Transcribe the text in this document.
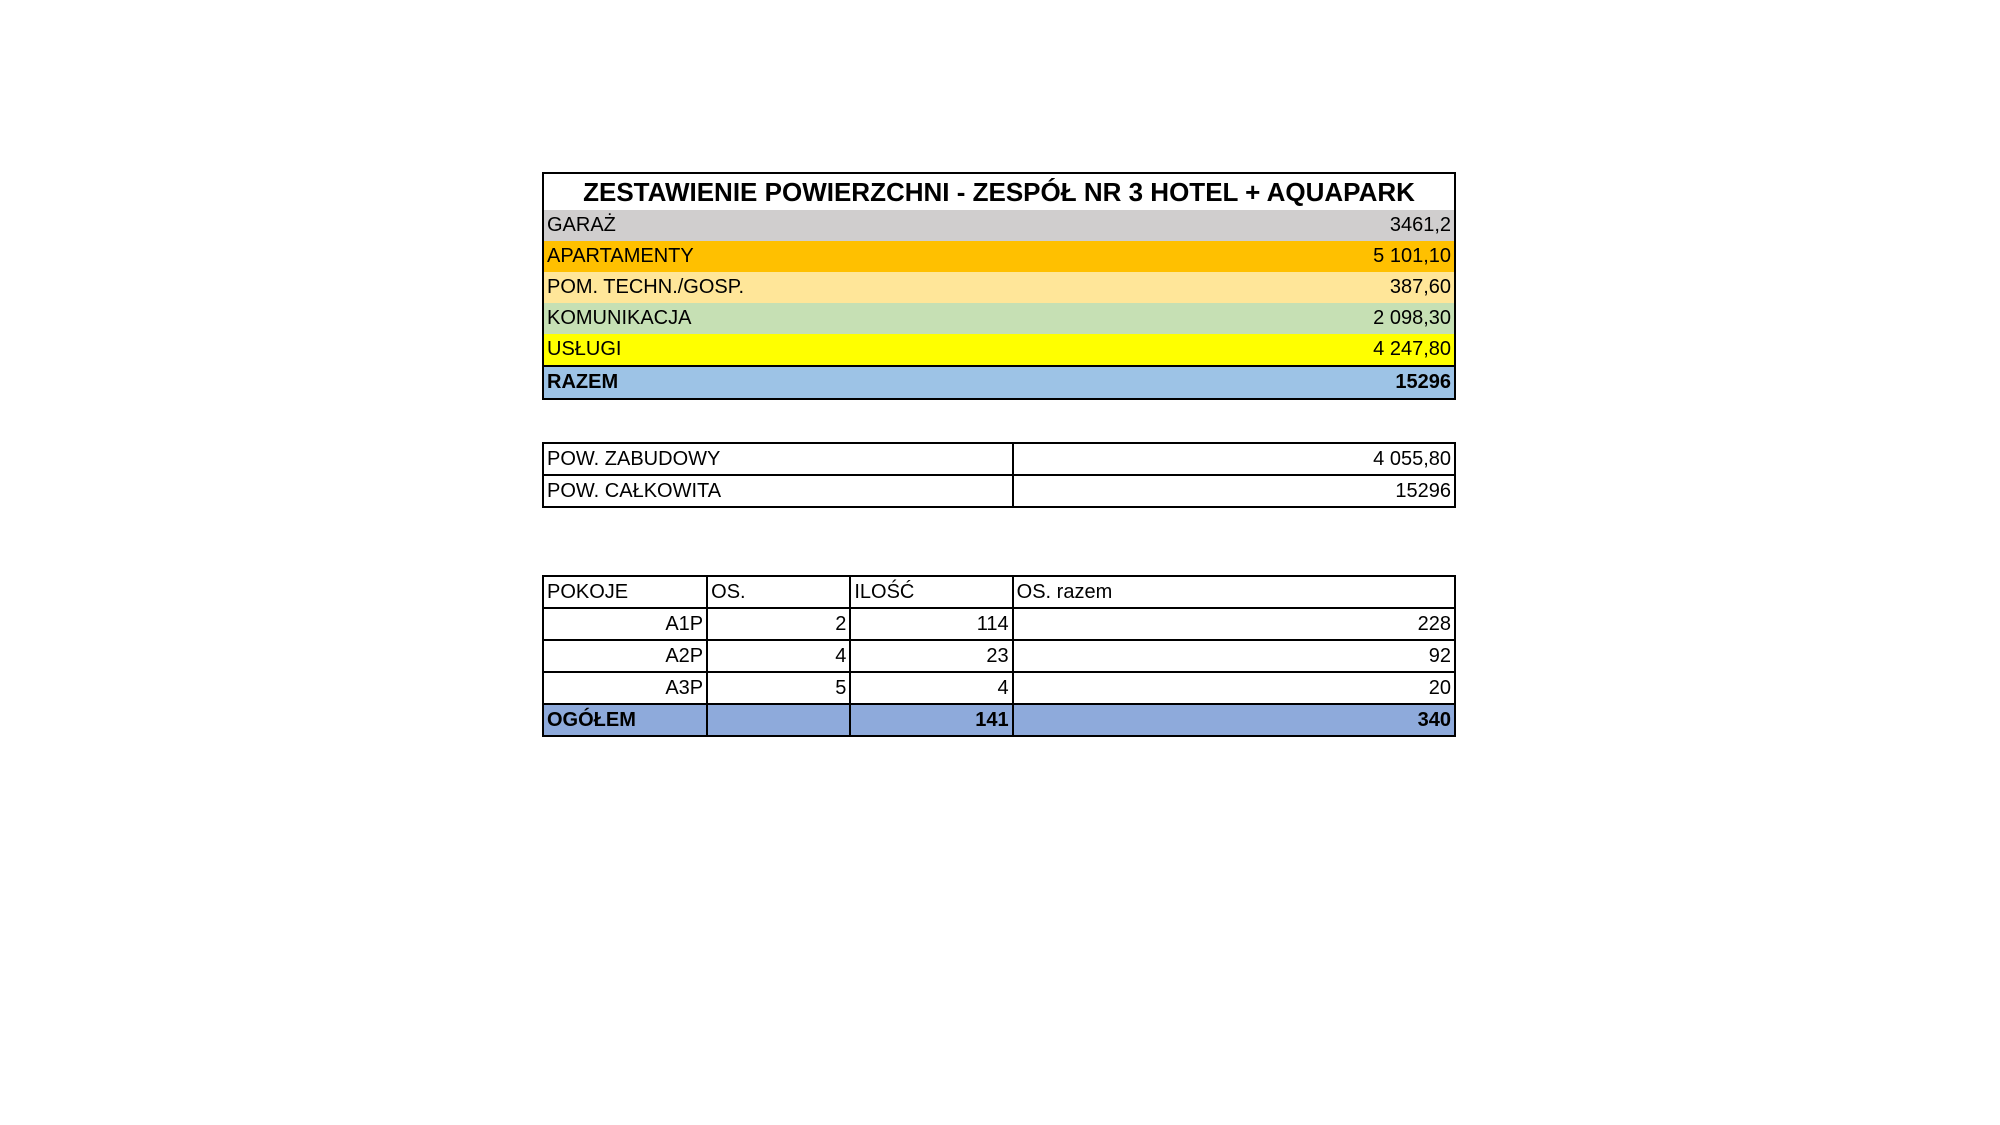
ZESTAWIENIE POWIERZCHNI - ZESPÓŁ NR 3 HOTEL + AQUAPARK	
GARAŻ	3461,2
APARTAMENTY	5 101,10
POM. TECHN./GOSP.	387,60
KOMUNIKACJA	2 098,30
USŁUGI	4 247,80
RAZEM	15296
POW. ZABUDOWY	4 055,80
POW. CAŁKOWITA	15296
POKOJE	OS.	ILOŚĆ	OS. razem
A1P	2	114	228
A2P	4	23	92
A3P	5	4	20
OGÓŁEM		141	340
